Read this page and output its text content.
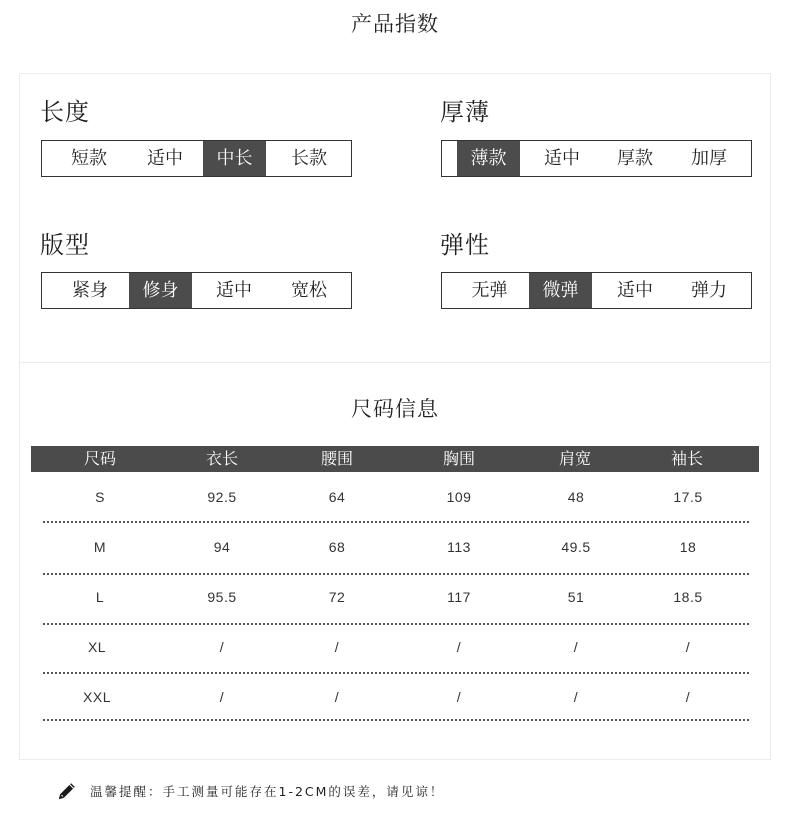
产品指数
长度
短款	适中	中长	长款
厚薄
薄款	适中	厚款	加厚
版型
紧身	修身	适中	宽松
弹性
无弹	微弹	适中	弹力
尺码信息
尺码	衣长	腰围	胸围	肩宽	袖长
S	92.5	64	109	48	17.5
M	94	68	113	49.5	18
L	95.5	72	117	51	18.5
XL	/	/	/	/	/
XXL	/	/	/	/	/
温馨提醒：手工测量可能存在1-2CM的误差，请见谅！
